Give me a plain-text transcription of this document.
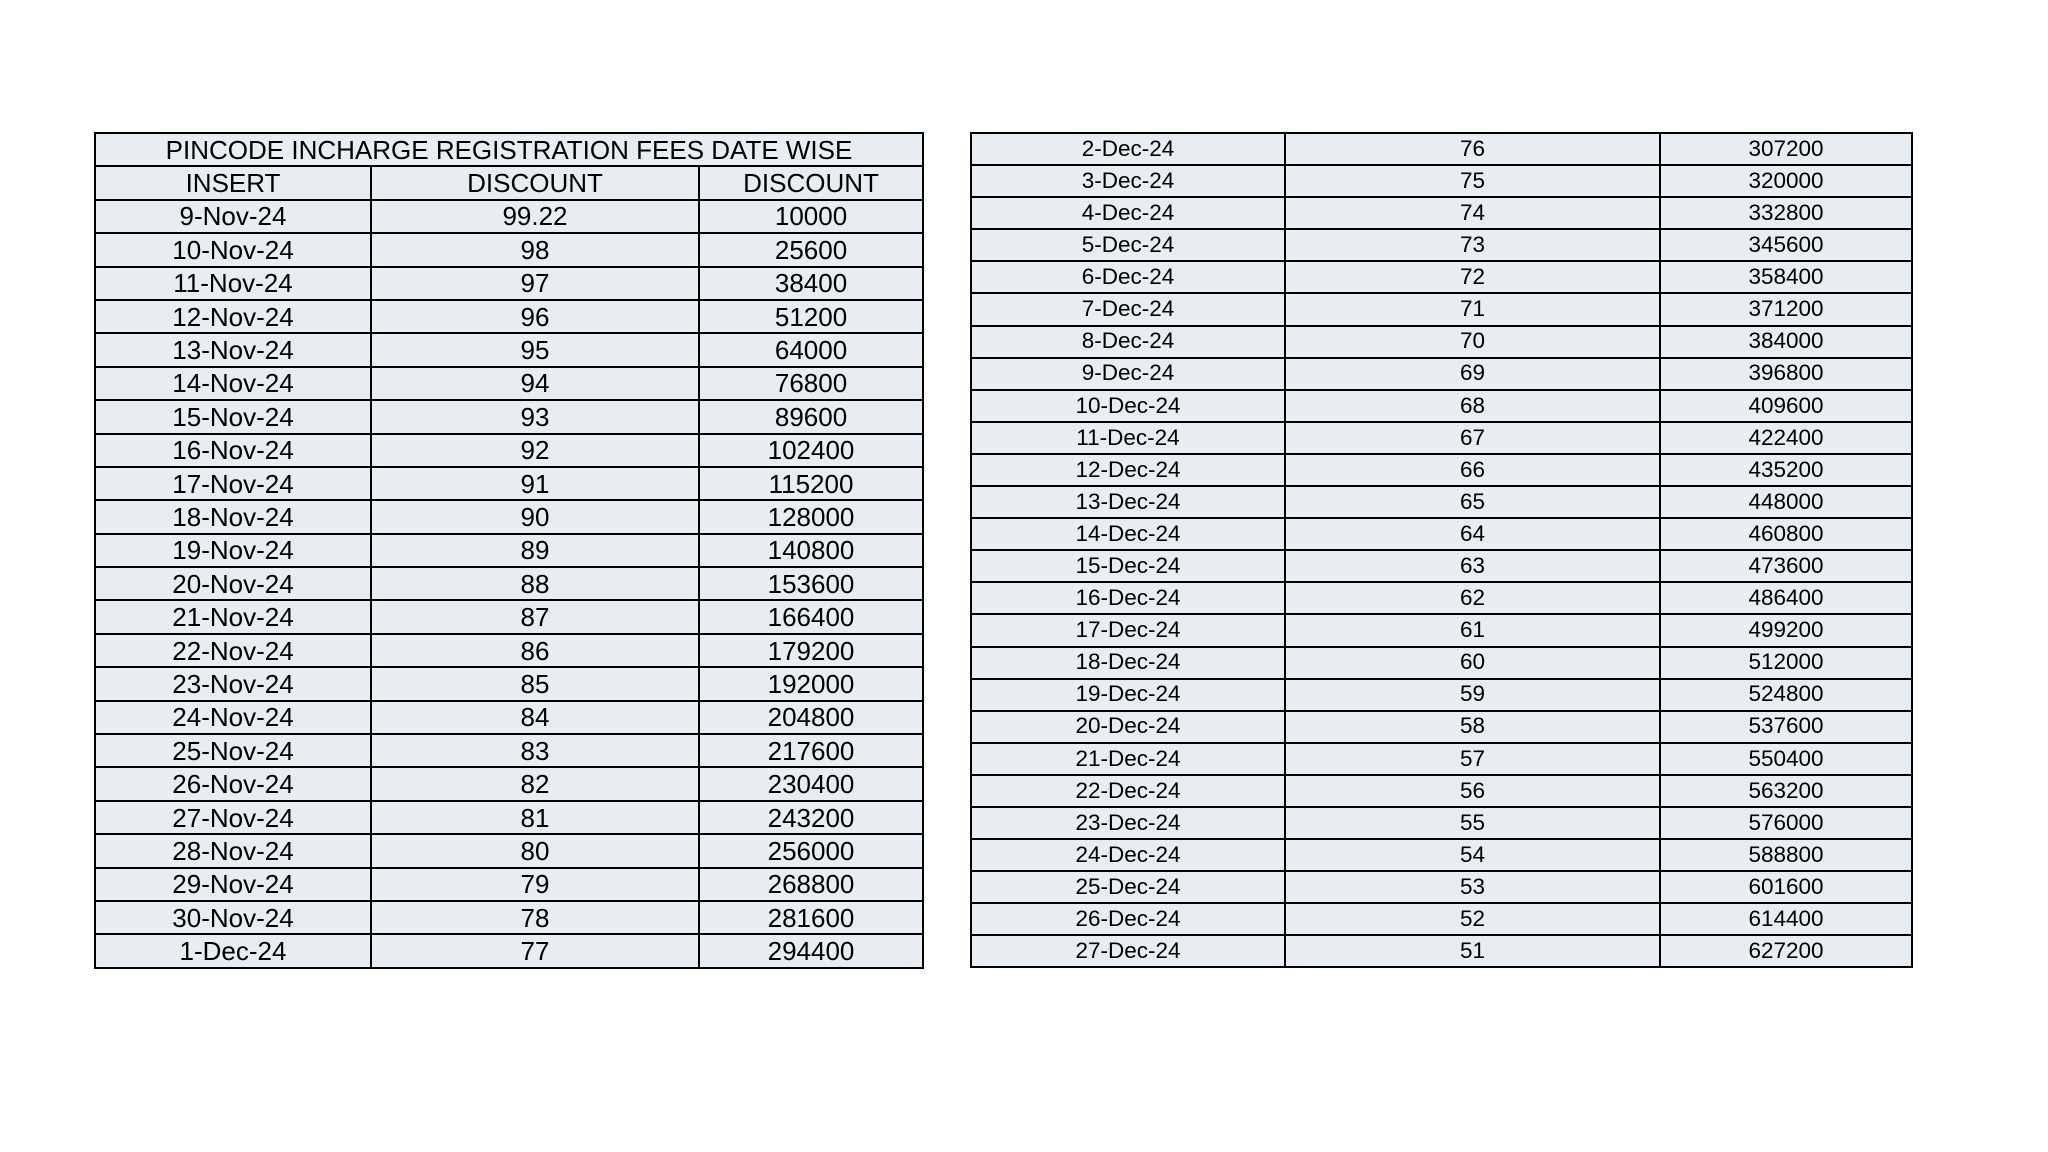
PINCODE INCHARGE REGISTRATION FEES DATE WISE		
INSERT	DISCOUNT	DISCOUNT
9-Nov-24	99.22	10000
10-Nov-24	98	25600
11-Nov-24	97	38400
12-Nov-24	96	51200
13-Nov-24	95	64000
14-Nov-24	94	76800
15-Nov-24	93	89600
16-Nov-24	92	102400
17-Nov-24	91	115200
18-Nov-24	90	128000
19-Nov-24	89	140800
20-Nov-24	88	153600
21-Nov-24	87	166400
22-Nov-24	86	179200
23-Nov-24	85	192000
24-Nov-24	84	204800
25-Nov-24	83	217600
26-Nov-24	82	230400
27-Nov-24	81	243200
28-Nov-24	80	256000
29-Nov-24	79	268800
30-Nov-24	78	281600
1-Dec-24	77	294400
2-Dec-24	76	307200
3-Dec-24	75	320000
4-Dec-24	74	332800
5-Dec-24	73	345600
6-Dec-24	72	358400
7-Dec-24	71	371200
8-Dec-24	70	384000
9-Dec-24	69	396800
10-Dec-24	68	409600
11-Dec-24	67	422400
12-Dec-24	66	435200
13-Dec-24	65	448000
14-Dec-24	64	460800
15-Dec-24	63	473600
16-Dec-24	62	486400
17-Dec-24	61	499200
18-Dec-24	60	512000
19-Dec-24	59	524800
20-Dec-24	58	537600
21-Dec-24	57	550400
22-Dec-24	56	563200
23-Dec-24	55	576000
24-Dec-24	54	588800
25-Dec-24	53	601600
26-Dec-24	52	614400
27-Dec-24	51	627200
